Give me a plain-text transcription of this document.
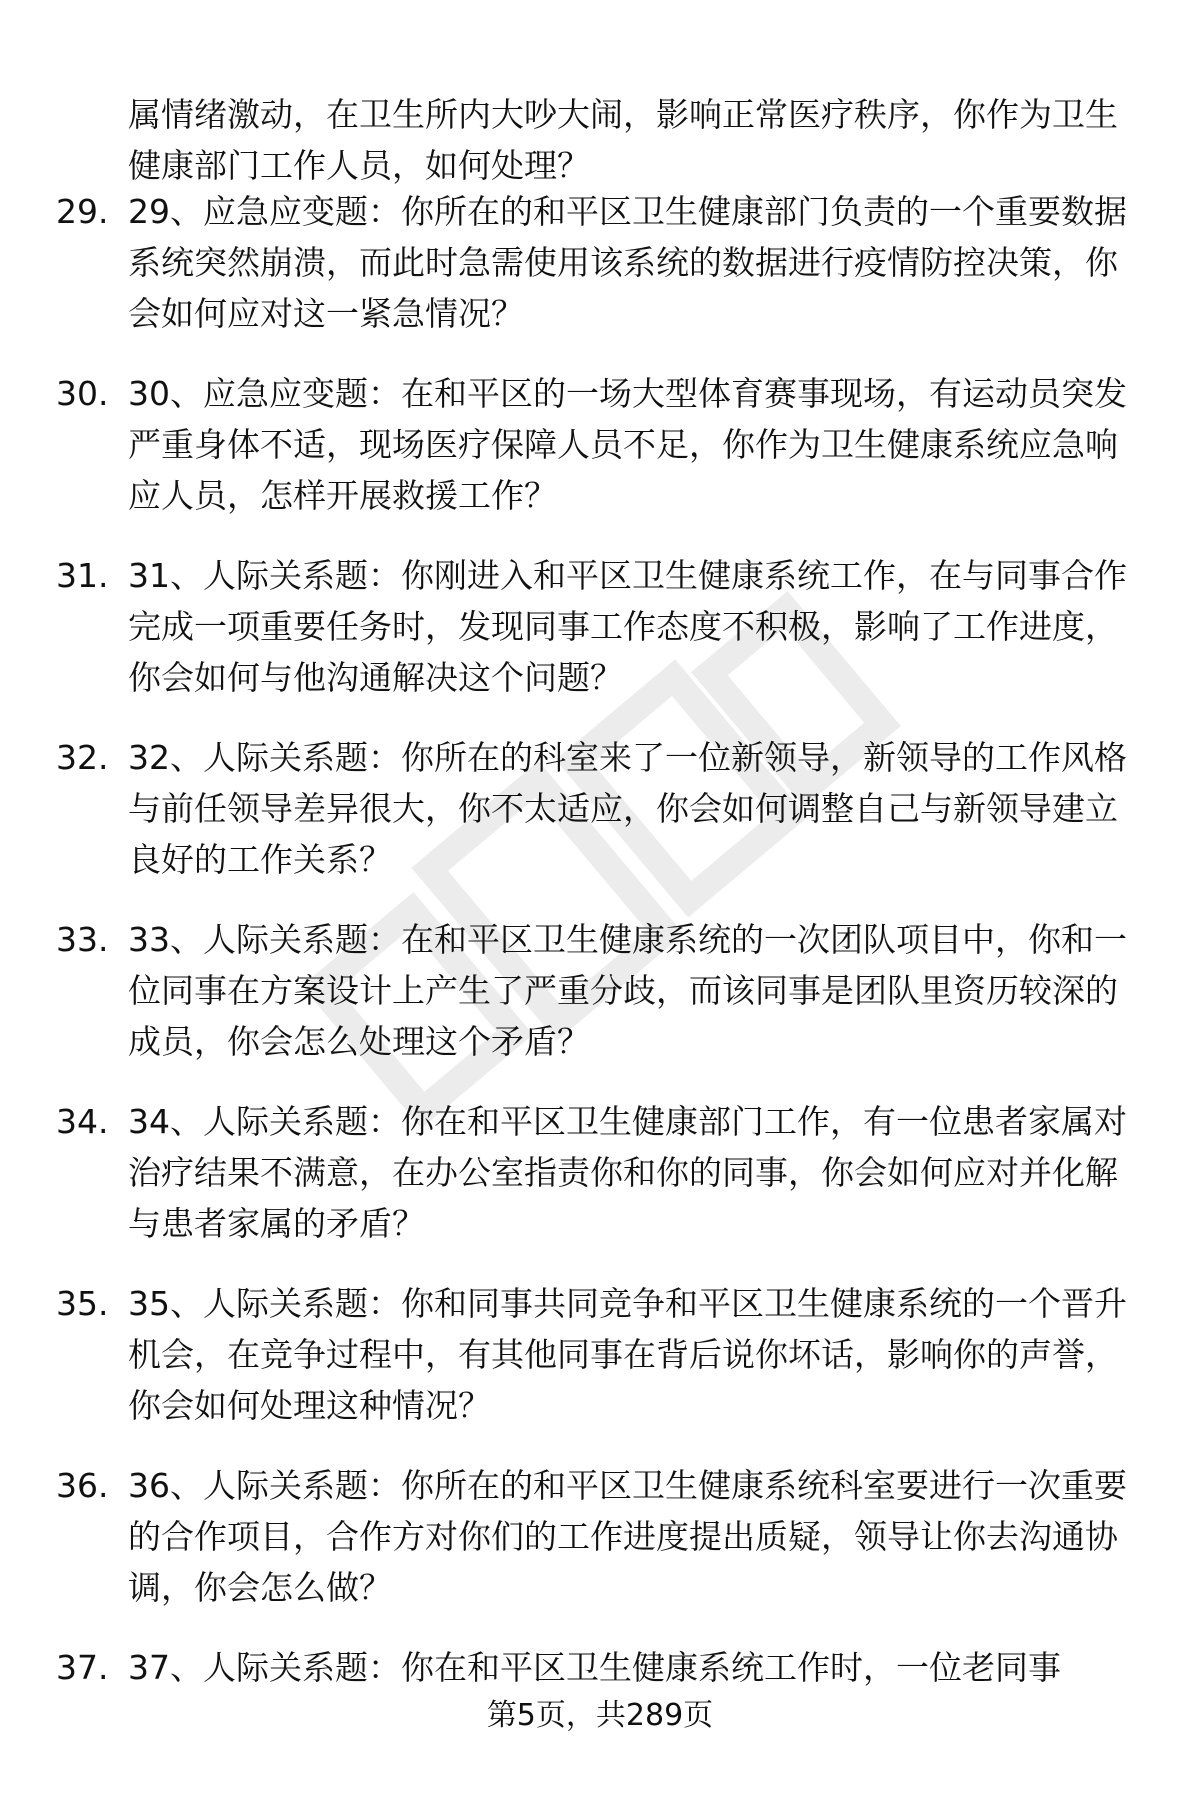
属情绪激动，在卫生所内大吵大闹，影响正常医疗秩序，你作为卫生健康部门工作人员，如何处理？

29. 29、应急应变题：你所在的和平区卫生健康部门负责的一个重要数据系统突然崩溃，而此时急需使用该系统的数据进行疫情防控决策，你会如何应对这一紧急情况？

30. 30、应急应变题：在和平区的一场大型体育赛事现场，有运动员突发严重身体不适，现场医疗保障人员不足，你作为卫生健康系统应急响应人员，怎样开展救援工作？

31. 31、人际关系题：你刚进入和平区卫生健康系统工作，在与同事合作完成一项重要任务时，发现同事工作态度不积极，影响了工作进度，你会如何与他沟通解决这个问题？

32. 32、人际关系题：你所在的科室来了一位新领导，新领导的工作风格与前任领导差异很大，你不太适应，你会如何调整自己与新领导建立良好的工作关系？

33. 33、人际关系题：在和平区卫生健康系统的一次团队项目中，你和一位同事在方案设计上产生了严重分歧，而该同事是团队里资历较深的成员，你会怎么处理这个矛盾？

34. 34、人际关系题：你在和平区卫生健康部门工作，有一位患者家属对治疗结果不满意，在办公室指责你和你的同事，你会如何应对并化解与患者家属的矛盾？

35. 35、人际关系题：你和同事共同竞争和平区卫生健康系统的一个晋升机会，在竞争过程中，有其他同事在背后说你坏话，影响你的声誉，你会如何处理这种情况？

36. 36、人际关系题：你所在的和平区卫生健康系统科室要进行一次重要的合作项目，合作方对你们的工作进度提出质疑，领导让你去沟通协调，你会怎么做？

37. 37、人际关系题：你在和平区卫生健康系统工作时，一位老同事

第5页，共289页
